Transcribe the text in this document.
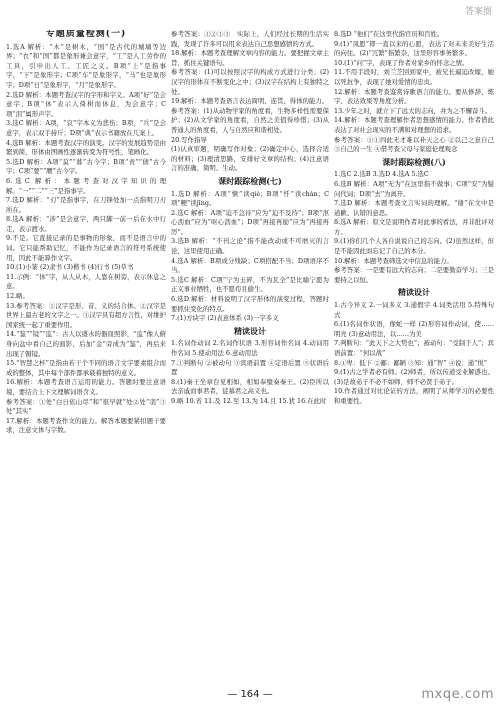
答案圈
专题质量检测(一)

1.选A 解析：“木”是树木，“国”是古代的城墙等边界；“衣”和“国”都是象形兼会意字，“工”是人工劳作的工具，引申出人工、工匠之义。B项“上”是指事字，“下”是象形字；C项“车”是象形字，“马”也是象形字；D项“日”是象形字，“月”是象形字。

2.选D 解析：本题考查汉字的字形和字义。A项“好”是会意字；B项“休”表示人倚树而休息，为会意字；C项“泪”属形声字。

3.选C 解析：A项，“哀”字本义为悲伤；B项，“兵”是会意字，表示双手持斤；D项“典”表示书籍放在几案上。

4.选B 解析：本题考查汉字的演变。汉字的发展趋势是由繁到简，形体由图画性逐渐转变为符号性，笔画化。

5.选D 解析：A项“莫”“暮”古今字；B项“责”“债”古今字；C项“要”“腰”古今字。

6.选C 解析：本题考查对汉字知识的理解。“一”“二”“三”是指事字。

7.选D 解析：“刃”是指事字，在刀锋处加一点指明刀刃所在。

8.选A 解析：“涉”是会意字，两只脚一前一后在水中行走，表示渡水。

9.不是。它直接记录的是事物的形象，而不是语言中的词。它只能帮助记忆，不能作为记录语言的符号系统使用，因此不能算作文字。

10.(1)小篆 (2)隶书 (3)楷书 (4)行书 (5)草书

11.示例：“休”字，从人从木，人靠在树旁，表示休息之意。

12.略。

13.参考答案：①汉字是形、音、义的结合体。②汉字是世界上最古老的文字之一。③汉字具有超方言性，对维护国家统一起了重要作用。

14.“鉴”“镜”“监”：古人以盛水的器皿照影，“监”像人俯身向盆中看自己的面影，后加“金”旁成为“鉴”，再后来出现了铜镜。

15.“智慧之杯”是指由若干个不同的语言文字要素组合而成的整体，其中每个部件都承载着独特的意义。

16.解析：本题考查语言运用的能力。答题时要注意语境，要结合上下文理解词语含义。

参考答案：①处“白日依山尽”和“很早就”处②处“羽”③处“其实”

17.解析：本题考查作文的能力。解答本题要紧扣题干要求，注意文体与字数。

参考答案：①②①③　实际上，人们经过长期的生活实践，发现了许多可以用来表达自己思想感情的方式。

18.解析：本题考查理解文章内容的能力。要把握文章主旨，抓住关键语句。

参考答案：(1)可以按照汉字的构成方式进行分类；(2)汉字的形体在不断变化之中；(3)汉字在结构上有独特之处。

19.解析：本题考查语言表达简明、连贯、得体的能力。

参考答案：(1)从动物学家的角度看，生物多样性需要保护；(2)从文学家的角度看，自然之美值得珍惜；(3)从普通人的角度看，人与自然应和谐相处。

20.写作指导

(1)认真审题，明确写作对象；(2)确定中心，选择合适的材料；(3)理清思路，安排好文章的结构；(4)注意语言的准确、简明、生动。

课时跟踪检测(七)

1.选D 解析：A项“惬”读qiè；B项“忏”读chàn；C项“粳”读jīng。

2.选C 解析：A项“迫不急待”应为“迫不及待”；B项“沤心沥血”应为“呕心沥血”；D项“再接再励”应为“再接再厉”。

3.选B 解析：“不刊之论”指不能改动或不可磨灭的言论，这里使用正确。

4.选A 解析：B项成分残缺；C项搭配不当；D项语序不当。

5.选C 解析：C项“宁为玉碎，不为瓦全”是比喻宁愿为正义事业牺牲，也不愿苟且偷生。

6.选D 解析：材料说明了汉字形体的演变过程，答题时要抓住变化的特点。

7.(1)方块字 (2)表意体系 (3)一字多义

精读设计

1.名词作动词 2.名词作状语 3.形容词作名词 4.动词用作名词 5.使动用法 6.意动用法

7.①判断句 ②被动句 ③宾语前置 ④定语后置 ⑤状语后置

8.(1)秦王坐章台见相如，相如奉璧奏秦王。(2)臣所以去亲戚而事君者，徒慕君之高义也。

9.略 10.省 11.及 12.至 13.为 14.且 15.犹 16.在此时

8.选D “他们”在这里代指官员和百姓。

9.(1)“凤愿”即一直以来的心愿，表达了对未来美好生活的向往。(2)“冗繁”指繁杂，这里形容事务繁多。

10.(1)“问”字，表现了作者对家乡的怀念之情。

11.不用手段时，刘兰芝回到家中，被兄长逼迫改嫁，她以死抗争，表现了她对爱情的忠贞。

12.解析：本题考查鉴赏诗歌语言的能力。要从修辞、炼字、表达效果等角度分析。

13.少年之时，就立下了远大的志向，并为之不懈奋斗。

14.解析：本题考查理解作者思想感情的能力。作者借此表达了对社会现实的不满和对理想的追求。

参考答案：①①四此无才难以补天之心 ②以己之意自己 ③自己的一生 ④借考查父母与家庭伦理观念

课时跟踪检测(八)

1.选C 2.选B 3.选D 4.选A 5.选C

6.选B 解析：A项“无为”在这里指不做事；C项“安”为疑问代词；D项“去”为离开。

7.选D 解析：本题考查文言实词的理解。“谢”在文中是道歉、认错的意思。

8.选A 解析：原文是说明作者对此事的看法，并非批评对方。

9.(1)你们几个人各自说说自己的志向。(2)虽然这样，但是不能因此而忘记了自己的本分。

10.解析：本题考查筛选文中信息的能力。

参考答案：一是要有远大的志向；二是要勤奋学习；三是要持之以恒。

精读设计

1.古今异义 2.一词多义 3.通假字 4.词类活用 5.特殊句式

6.(1)名词作状语，像蛇一样 (2)形容词作动词，使……明亮 (3)意动用法，以……为美

7.判断句：“此天下之大势也”；被动句：“受制于人”；宾语前置：“何以战”

8.①卑：低下 ②鄙：鄙陋 ③知：通“智” ④说：通“悦”

9.(1)古之学者必有师。(2)师者，所以传道受业解惑也。(3)是故弟子不必不如师，师不必贤于弟子。

10.作者通过对比论证的方法，阐明了从师学习的必要性和重要性。

— 164 —	mxqe.com
